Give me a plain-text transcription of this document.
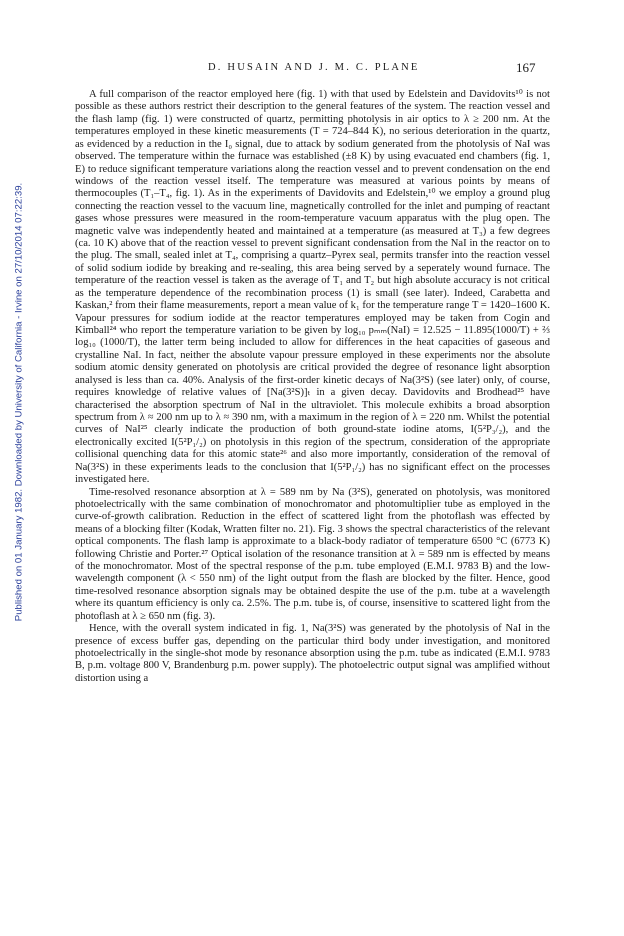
D. HUSAIN AND J. M. C. PLANE	167
Published on 01 January 1982. Downloaded by University of California - Irvine on 27/10/2014 07:22:39.

A full comparison of the reactor employed here (fig. 1) with that used by Edelstein and Davidovits¹⁰ is not possible as these authors restrict their description to the general features of the system. The reaction vessel and the flash lamp (fig. 1) were constructed of quartz, permitting photolysis in air optics to λ ≥ 200 nm. At the temperatures employed in these kinetic measurements (T = 724–844 K), no serious deterioration in the quartz, as evidenced by a reduction in the I₀ signal, due to attack by sodium generated from the photolysis of NaI was observed. The temperature within the furnace was established (±8 K) by using evacuated end chambers (fig. 1, E) to reduce significant temperature variations along the reaction vessel and to prevent condensation on the end windows of the reaction vessel itself. The temperature was measured at various points by means of thermocouples (T₁–T₄, fig. 1). As in the experiments of Davidovits and Edelstein,¹⁰ we employ a ground plug connecting the reaction vessel to the vacuum line, magnetically controlled for the inlet and pumping of reactant gases whose pressures were measured in the room-temperature vacuum apparatus with the plug open. The magnetic valve was independently heated and maintained at a temperature (as measured at T₃) a few degrees (ca. 10 K) above that of the reaction vessel to prevent significant condensation from the NaI in the reactor on to the plug. The small, sealed inlet at T₄, comprising a quartz–Pyrex seal, permits transfer into the reaction vessel of solid sodium iodide by breaking and re-sealing, this area being served by a seperately wound furnace. The temperature of the reaction vessel is taken as the average of T₁ and T₂ but high absolute accuracy is not critical as the temperature dependence of the recombination process (1) is small (see later). Indeed, Carabetta and Kaskan,² from their flame measurements, report a mean value of k₁ for the temperature range T = 1420–1600 K. Vapour pressures for sodium iodide at the reactor temperatures employed may be taken from Cogin and Kimball²⁴ who report the temperature variation to be given by log₁₀ pₘₘ(NaI) = 12.525 − 11.895(1000/T) + ⅔ log₁₀ (1000/T), the latter term being included to allow for differences in the heat capacities of gaseous and crystalline NaI. In fact, neither the absolute vapour pressure employed in these experiments nor the absolute sodium atomic density generated on photolysis are critical provided the degree of resonance light absorption analysed is less than ca. 40%. Analysis of the first-order kinetic decays of Na(3²S) (see later) only, of course, requires knowledge of relative values of [Na(3²S)]ₜ in a given decay. Davidovits and Brodhead²⁵ have characterised the absorption spectrum of NaI in the ultraviolet. This molecule exhibits a broad absorption spectrum from λ ≈ 200 nm up to λ ≈ 390 nm, with a maximum in the region of λ = 220 nm. Whilst the potential curves of NaI²⁵ clearly indicate the production of both ground-state iodine atoms, I(5²P₃/₂), and the electronically excited I(5²P₁/₂) on photolysis in this region of the spectrum, consideration of the appropriate collisional quenching data for this atomic state²⁶ and also more importantly, consideration of the removal of Na(3²S) in these experiments leads to the conclusion that I(5²P₁/₂) has no significant effect on the processes investigated here.

Time-resolved resonance absorption at λ = 589 nm by Na (3²S), generated on photolysis, was monitored photoelectrically with the same combination of monochromator and photomultiplier tube as employed in the curve-of-growth calibration. Reduction in the effect of scattered light from the photoflash was effected by means of a blocking filter (Kodak, Wratten filter no. 21). Fig. 3 shows the spectral characteristics of the relevant optical components. The flash lamp is approximate to a black-body radiator of temperature 6500 °C (6773 K) following Christie and Porter.²⁷ Optical isolation of the resonance transition at λ = 589 nm is effected by means of the monochromator. Most of the spectral response of the p.m. tube employed (E.M.I. 9783 B) and the low-wavelength component (λ < 550 nm) of the light output from the flash are blocked by the filter. Hence, good time-resolved resonance absorption signals may be obtained despite the use of the p.m. tube at a wavelength where its quantum efficiency is only ca. 2.5%. The p.m. tube is, of course, insensitive to scattered light from the photoflash at λ ≥ 650 nm (fig. 3).

Hence, with the overall system indicated in fig. 1, Na(3²S) was generated by the photolysis of NaI in the presence of excess buffer gas, depending on the particular third body under investigation, and monitored photoelectrically in the single-shot mode by resonance absorption using the p.m. tube as indicated (E.M.I. 9783 B, p.m. voltage 800 V, Brandenburg p.m. power supply). The photoelectric output signal was amplified without distortion using a
